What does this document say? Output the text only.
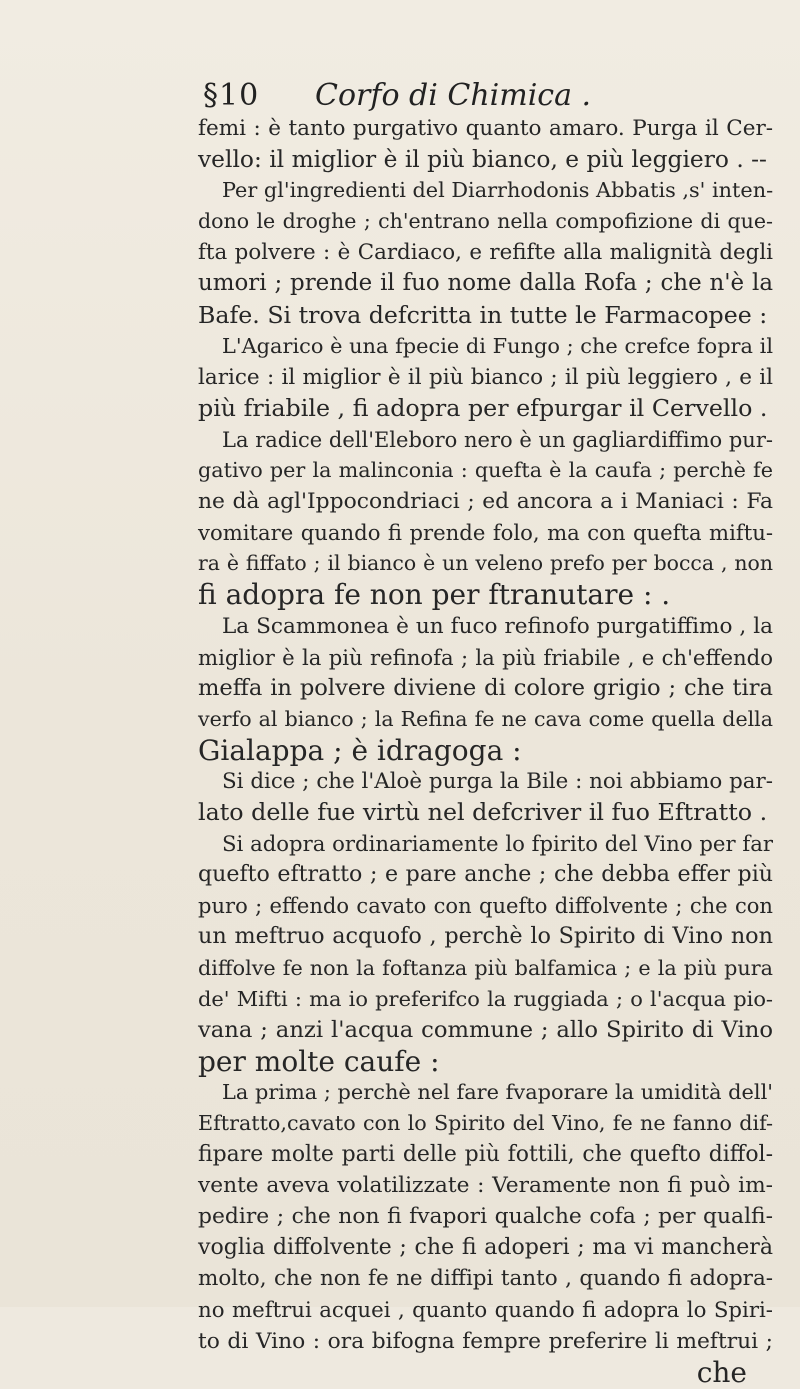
§10 Corfo di Chimica .
femi : è tanto purgativo quanto amaro. Purga il Cer-
vello: il miglior è il più bianco, e più leggiero . --
Per gl'ingredienti del Diarrhodonis Abbatis ,s' inten-
dono le droghe ; ch'entrano nella compofizione di que-
fta polvere : è Cardiaco, e refifte alla malignità degli
umori ; prende il fuo nome dalla Rofa ; che n'è la
Bafe. Si trova defcritta in tutte le Farmacopee :
L'Agarico è una fpecie di Fungo ; che crefce fopra il
larice : il miglior è il più bianco ; il più leggiero , e il
più friabile , fi adopra per efpurgar il Cervello .
La radice dell'Eleboro nero è un gagliardiffimo pur-
gativo per la malinconia : quefta è la caufa ; perchè fe
ne dà agl'Ippocondriaci ; ed ancora a i Maniaci : Fa
vomitare quando fi prende folo, ma con quefta miftu-
ra è fiffato ; il bianco è un veleno prefo per bocca , non
fi adopra fe non per ftranutare : .
La Scammonea è un fuco refinofo purgatiffimo , la
miglior è la più refinofa ; la più friabile , e ch'effendo
meffa in polvere diviene di colore grigio ; che tira
verfo al bianco ; la Refina fe ne cava come quella della
Gialappa ; è idragoga :
Si dice ; che l'Aloè purga la Bile : noi abbiamo par-
lato delle fue virtù nel defcriver il fuo Eftratto .
Si adopra ordinariamente lo fpirito del Vino per far
quefto eftratto ; e pare anche ; che debba effer più
puro ; effendo cavato con quefto diffolvente ; che con
un meftruo acquofo , perchè lo Spirito di Vino non
diffolve fe non la foftanza più balfamica ; e la più pura
de' Mifti : ma io preferifco la ruggiada ; o l'acqua pio-
vana ; anzi l'acqua commune ; allo Spirito di Vino
per molte caufe :
La prima ; perchè nel fare fvaporare la umidità dell'
Eftratto,cavato con lo Spirito del Vino, fe ne fanno dif-
fipare molte parti delle più fottili, che quefto diffol-
vente aveva volatilizzate : Veramente non fi può im-
pedire ; che non fi fvapori qualche cofa ; per qualfi-
voglia diffolvente ; che fi adoperi ; ma vi mancherà
molto, che non fe ne diffipi tanto , quando fi adopra-
no meftrui acquei , quanto quando fi adopra lo Spiri-
to di Vino : ora bifogna fempre preferire li meftrui ;
che
